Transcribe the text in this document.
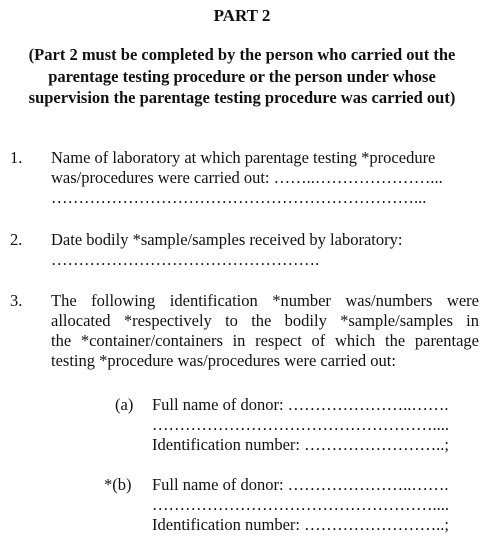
PART 2
(Part 2 must be completed by the person who carried out the
parentage testing procedure or the person under whose
supervision the parentage testing procedure was carried out)
1. Name of laboratory at which parentage testing *procedure
was/procedures were carried out: ……..…………………...
…………………………………………………………...
2. Date bodily *sample/samples received by laboratory:
………………………………………….
3. The following identification *number was/numbers were
allocated *respectively to the bodily *sample/samples in
the *container/containers in respect of which the parentage
testing *procedure was/procedures were carried out:
(a) Full name of donor: …………………..…….
……………………………………………....
Identification number: ……………………..;
*(b) Full name of donor: …………………..…….
……………………………………………....
Identification number: ……………………..;
